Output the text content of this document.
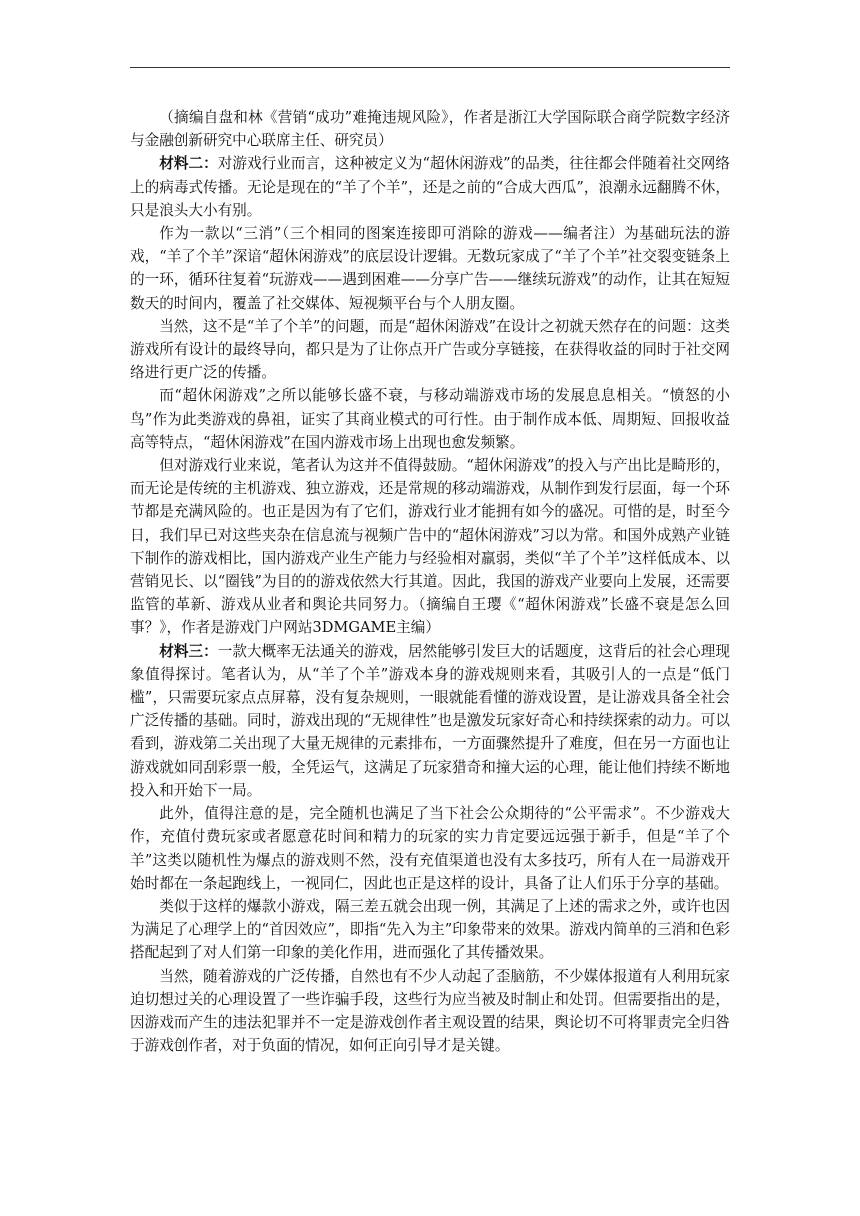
（摘编自盘和林《营销“成功”难掩违规风险》，作者是浙江大学国际联合商学院数字经济与金融创新研究中心联席主任、研究员）

材料二：对游戏行业而言，这种被定义为“超休闲游戏”的品类，往往都会伴随着社交网络上的病毒式传播。无论是现在的“羊了个羊”，还是之前的“合成大西瓜”，浪潮永远翻腾不休，只是浪头大小有别。

作为一款以“三消”（三个相同的图案连接即可消除的游戏——编者注）为基础玩法的游戏，“羊了个羊”深谙“超休闲游戏”的底层设计逻辑。无数玩家成了“羊了个羊”社交裂变链条上的一环，循环往复着“玩游戏——遇到困难——分享广告——继续玩游戏”的动作，让其在短短数天的时间内，覆盖了社交媒体、短视频平台与个人朋友圈。

当然，这不是“羊了个羊”的问题，而是“超休闲游戏”在设计之初就天然存在的问题：这类游戏所有设计的最终导向，都只是为了让你点开广告或分享链接，在获得收益的同时于社交网络进行更广泛的传播。

而“超休闲游戏”之所以能够长盛不衰，与移动端游戏市场的发展息息相关。“愤怒的小鸟”作为此类游戏的鼻祖，证实了其商业模式的可行性。由于制作成本低、周期短、回报收益高等特点，“超休闲游戏”在国内游戏市场上出现也愈发频繁。

但对游戏行业来说，笔者认为这并不值得鼓励。“超休闲游戏”的投入与产出比是畸形的，而无论是传统的主机游戏、独立游戏，还是常规的移动端游戏，从制作到发行层面，每一个环节都是充满风险的。也正是因为有了它们，游戏行业才能拥有如今的盛况。可惜的是，时至今日，我们早已对这些夹杂在信息流与视频广告中的“超休闲游戏”习以为常。和国外成熟产业链下制作的游戏相比，国内游戏产业生产能力与经验相对羸弱，类似“羊了个羊”这样低成本、以营销见长、以“圈钱”为目的的游戏依然大行其道。因此，我国的游戏产业要向上发展，还需要监管的革新、游戏从业者和舆论共同努力。（摘编自王璎《“超休闲游戏”长盛不衰是怎么回事？》，作者是游戏门户网站3DMGAME主编）

材料三：一款大概率无法通关的游戏，居然能够引发巨大的话题度，这背后的社会心理现象值得探讨。笔者认为，从“羊了个羊”游戏本身的游戏规则来看，其吸引人的一点是“低门槛”，只需要玩家点点屏幕，没有复杂规则，一眼就能看懂的游戏设置，是让游戏具备全社会广泛传播的基础。同时，游戏出现的“无规律性”也是激发玩家好奇心和持续探索的动力。可以看到，游戏第二关出现了大量无规律的元素排布，一方面骤然提升了难度，但在另一方面也让游戏就如同刮彩票一般，全凭运气，这满足了玩家猎奇和撞大运的心理，能让他们持续不断地投入和开始下一局。

此外，值得注意的是，完全随机也满足了当下社会公众期待的“公平需求”。不少游戏大作，充值付费玩家或者愿意花时间和精力的玩家的实力肯定要远远强于新手，但是“羊了个羊”这类以随机性为爆点的游戏则不然，没有充值渠道也没有太多技巧，所有人在一局游戏开始时都在一条起跑线上，一视同仁，因此也正是这样的设计，具备了让人们乐于分享的基础。

类似于这样的爆款小游戏，隔三差五就会出现一例，其满足了上述的需求之外，或许也因为满足了心理学上的“首因效应”，即指“先入为主”印象带来的效果。游戏内简单的三消和色彩搭配起到了对人们第一印象的美化作用，进而强化了其传播效果。

当然，随着游戏的广泛传播，自然也有不少人动起了歪脑筋，不少媒体报道有人利用玩家迫切想过关的心理设置了一些诈骗手段，这些行为应当被及时制止和处罚。但需要指出的是，因游戏而产生的违法犯罪并不一定是游戏创作者主观设置的结果，舆论切不可将罪责完全归咎于游戏创作者，对于负面的情况，如何正向引导才是关键。
